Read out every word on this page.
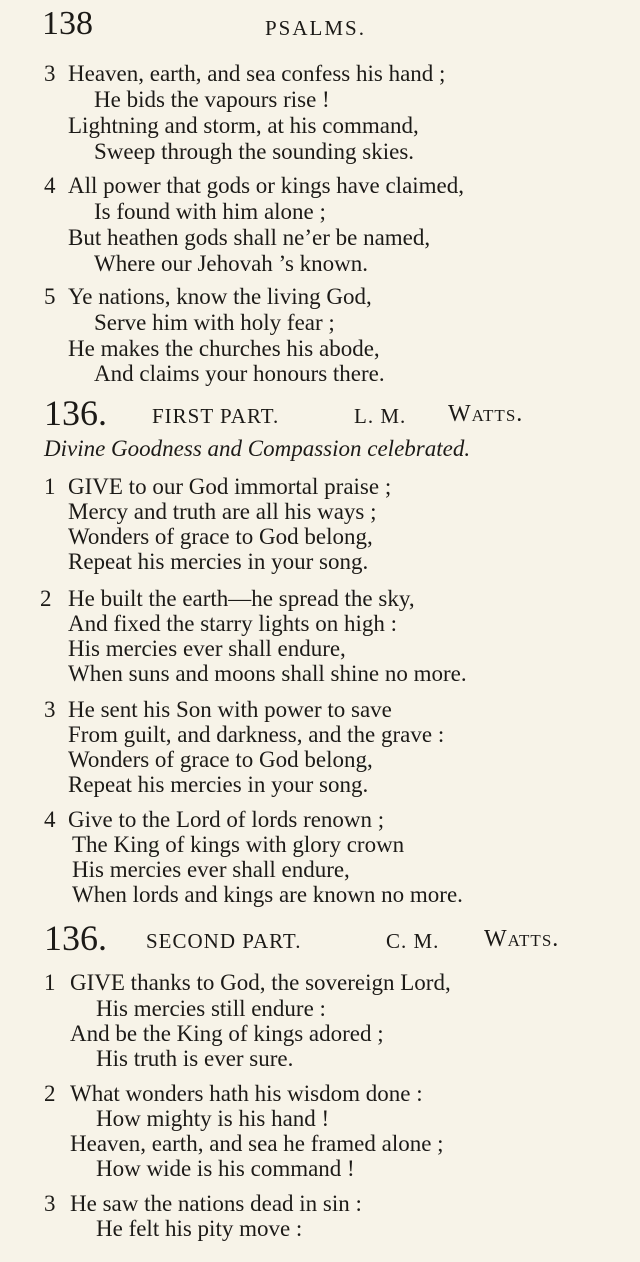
138	PSALMS.
3 Heaven, earth, and sea confess his hand ;
He bids the vapours rise !
Lightning and storm, at his command,
Sweep through the sounding skies.
4 All power that gods or kings have claimed,
Is found with him alone ;
But heathen gods shall ne’er be named,
Where our Jehovah ’s known.
5 Ye nations, know the living God,
Serve him with holy fear ;
He makes the churches his abode,
And claims your honours there.
136. FIRST PART.	L. M. Watts.
Divine Goodness and Compassion celebrated.
1 GIVE to our God immortal praise ;
Mercy and truth are all his ways ;
Wonders of grace to God belong,
Repeat his mercies in your song.
2 He built the earth—he spread the sky,
And fixed the starry lights on high :
His mercies ever shall endure,
When suns and moons shall shine no more.
3 He sent his Son with power to save
From guilt, and darkness, and the grave :
Wonders of grace to God belong,
Repeat his mercies in your song.
4 Give to the Lord of lords renown ;
The King of kings with glory crown
His mercies ever shall endure,
When lords and kings are known no more.
136. SECOND PART.	C. M. Watts.
1 GIVE thanks to God, the sovereign Lord,
His mercies still endure :
And be the King of kings adored ;
His truth is ever sure.
2 What wonders hath his wisdom done :
How mighty is his hand !
Heaven, earth, and sea he framed alone ;
How wide is his command !
3 He saw the nations dead in sin :
He felt his pity move :
